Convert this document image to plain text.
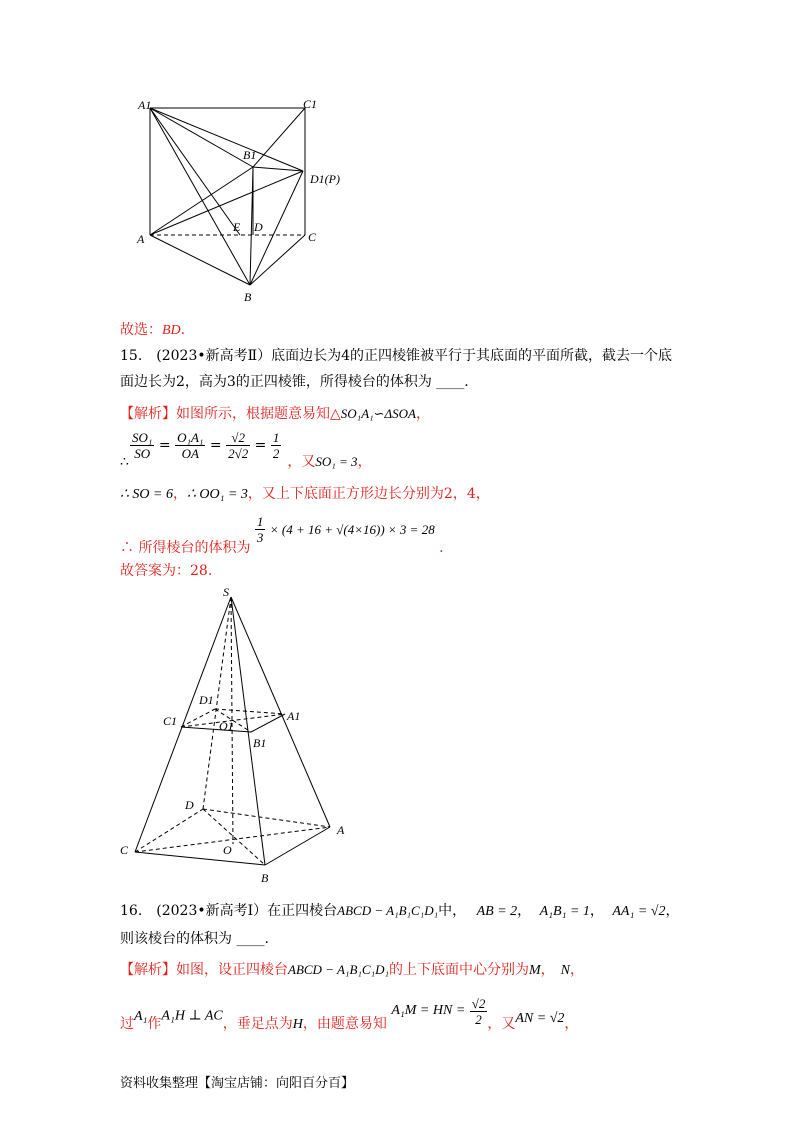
A1	C1
B1
D1(P)
A
E D
C
B
故选：BD.
15.　(2023•新高考Ⅱ）底面边长为4的正四棱锥被平行于其底面的平面所截，截去一个底
面边长为2，高为3的正四棱锥，所得棱台的体积为 ____.
【解析】如图所示，根据题意易知△SO₁A₁∽ΔSOA，
$\frac{\text{SO₁}}{SO} = \frac{\text{O₁A₁}}{OA} = \frac{√2}{2√2} = \frac{1}{2}$
∴	，又SO₁ = 3，
∴ SO = 6，∴ OO₁ = 3，又上下底面正方形边长分别为2，4，
∴ 所得棱台的体积为
$\frac{1}{3} \times (4 + 16 + √(4\times 16)) \times 3 = 28$ .
故答案为：28.
S
D1
C1	O1
A1
B1
D
A
C	O
B
16.　(2023•新高考Ⅰ）在正四棱台ABCD − A₁B₁C₁D₁中， AB = 2， A₁B₁ = 1， AA₁ = √2，
则该棱台的体积为 ____.
【解析】如图，设正四棱台ABCD − A₁B₁C₁D₁的上下底面中心分别为M， N，
过A₁作A₁H ⊥ AC，垂足点为H，由题意易知 A₁M = HN = $\frac{√2}{2}$ ，又AN = √2，
资料收集整理【淘宝店铺：向阳百分百】
